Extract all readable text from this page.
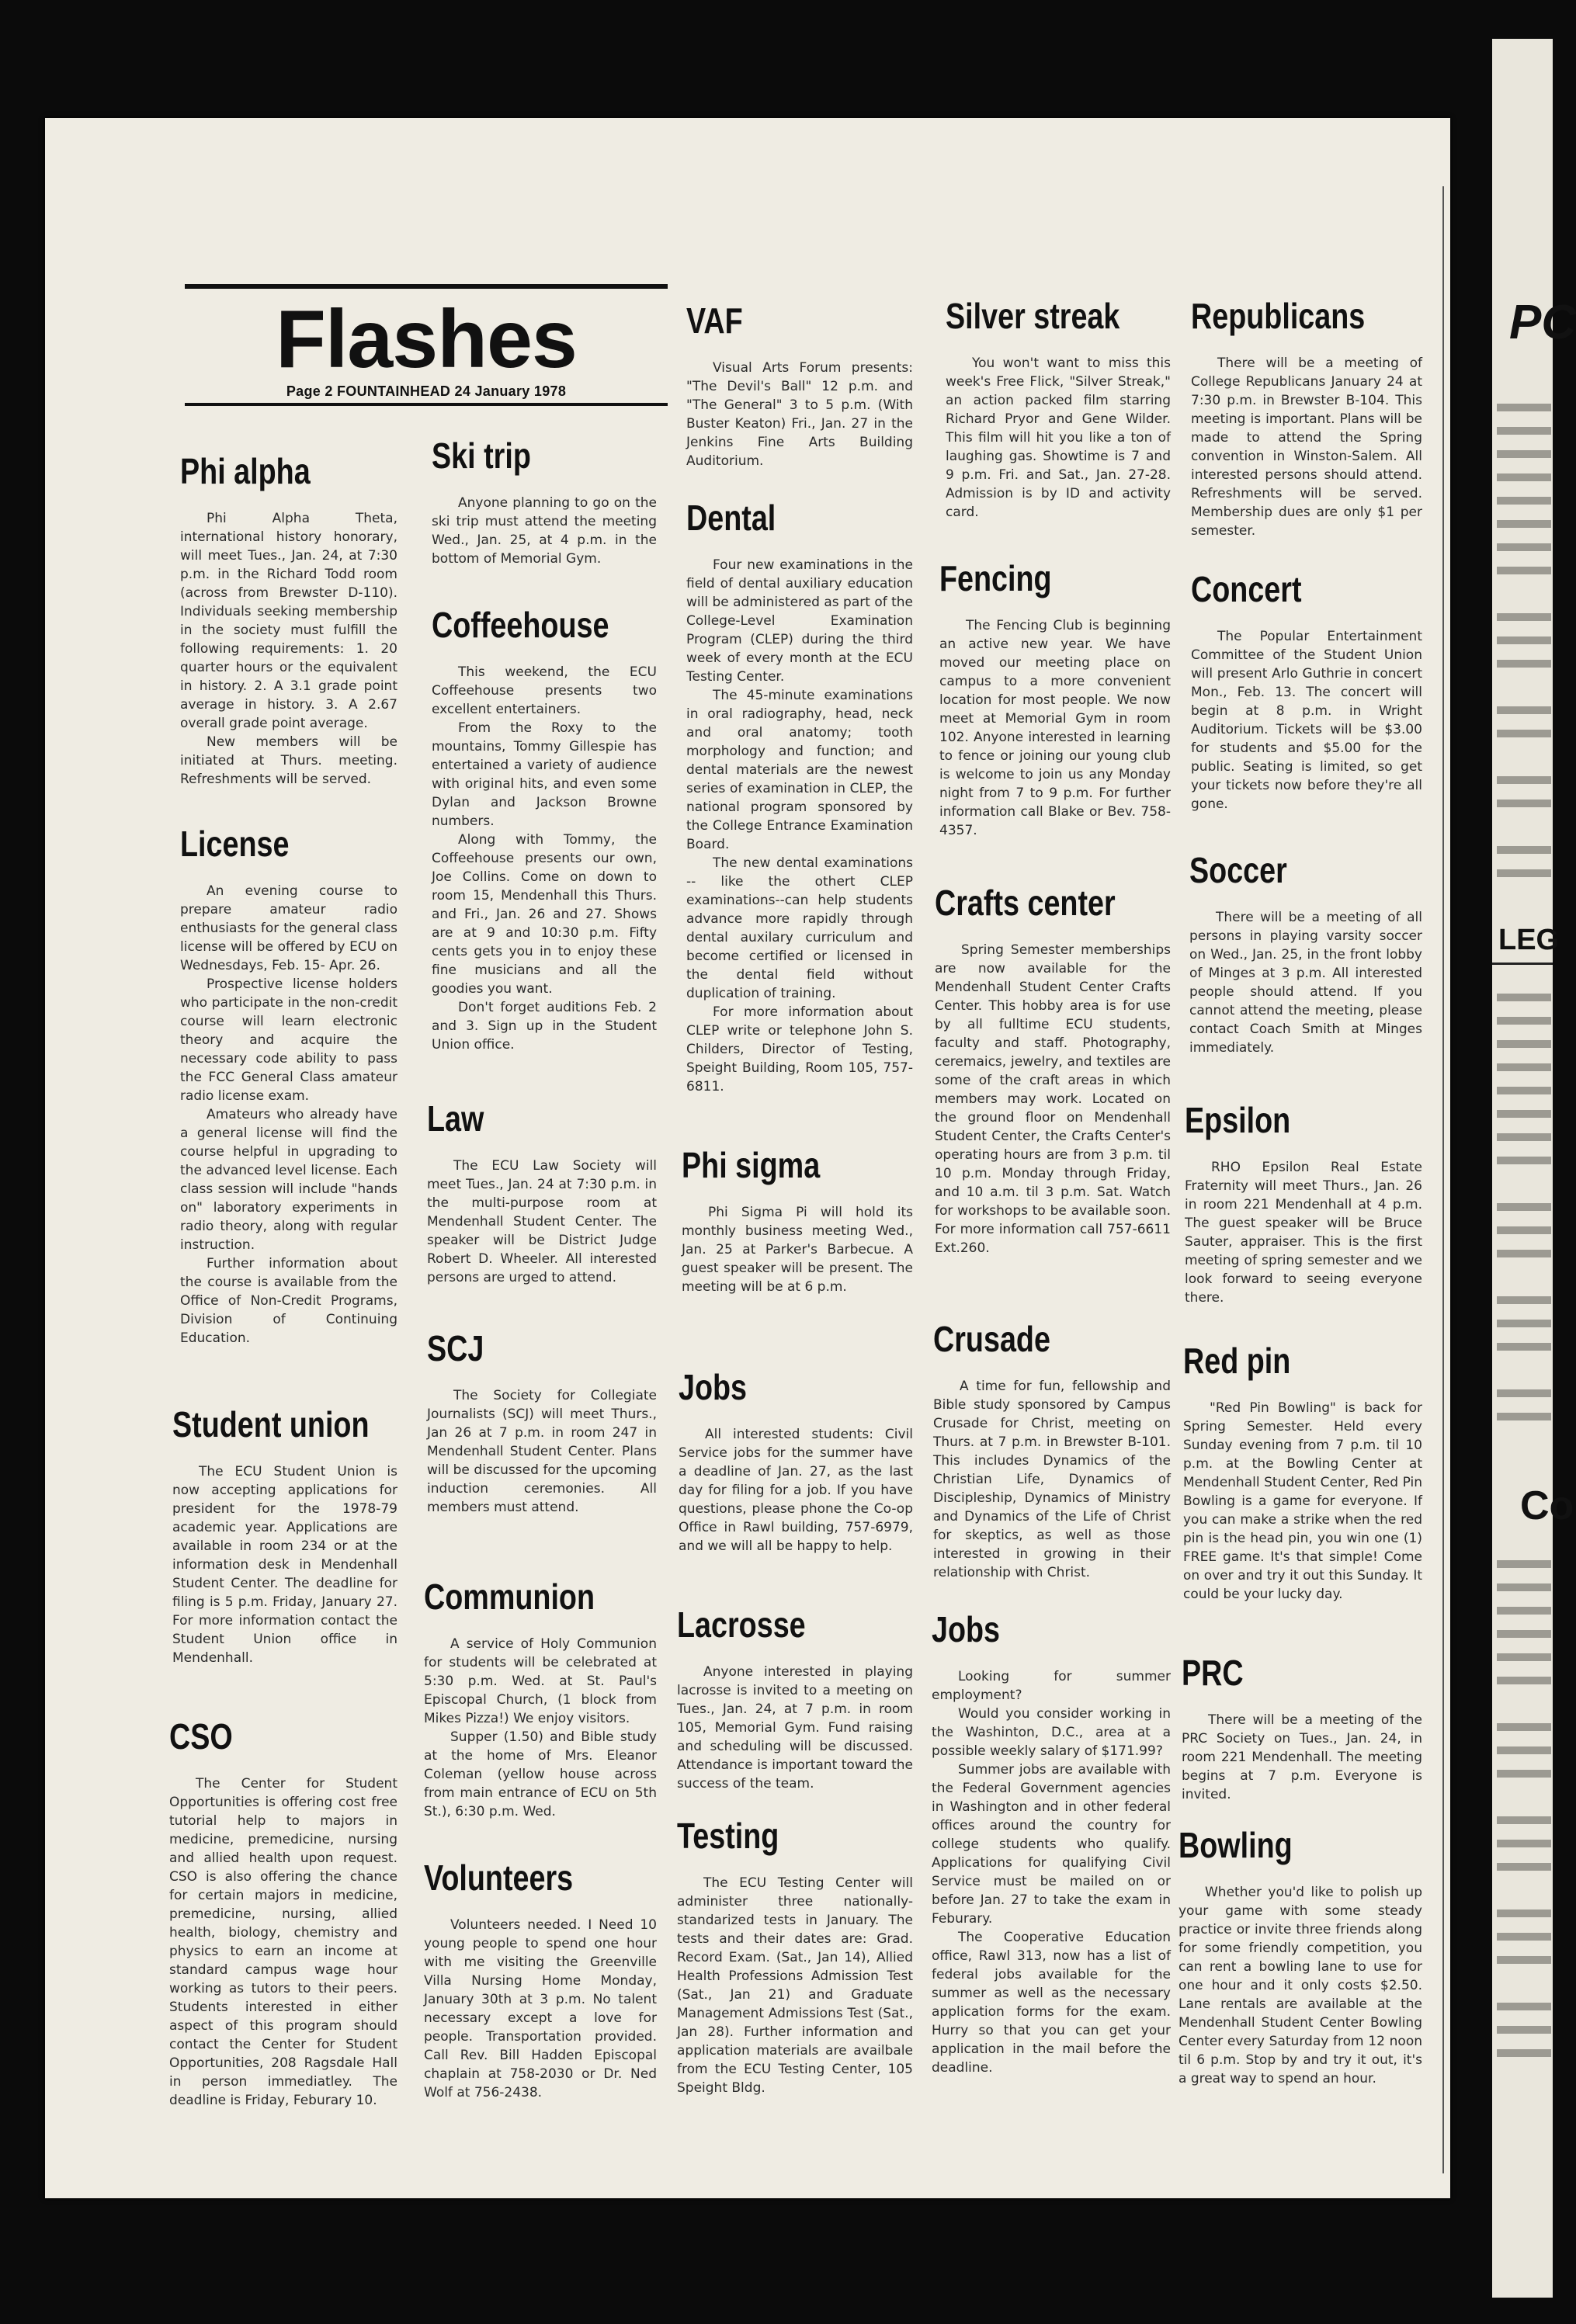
PC
LEG
Co
Flashes
Page 2 FOUNTAINHEAD 24 January 1978
Phi alpha

Phi Alpha Theta, international history honorary, will meet Tues., Jan. 24, at 7:30 p.m. in the Richard Todd room (across from Brewster D-110). Individuals seeking membership in the society must fulfill the following requirements: 1. 20 quarter hours or the equivalent in history. 2. A 3.1 grade point average in history. 3. A 2.67 overall grade point average.

New members will be initiated at Thurs. meeting. Refreshments will be served.

License

An evening course to prepare amateur radio enthusiasts for the general class license will be offered by ECU on Wednesdays, Feb. 15- Apr. 26.

Prospective license holders who participate in the non-credit course will learn electronic theory and acquire the necessary code ability to pass the FCC General Class amateur radio license exam.

Amateurs who already have a general license will find the course helpful in upgrading to the advanced level license. Each class session will include "hands on" laboratory experiments in radio theory, along with regular instruction.

Further information about the course is available from the Office of Non-Credit Programs, Division of Continuing Education.

Student union

The ECU Student Union is now accepting applications for president for the 1978-79 academic year. Applications are available in room 234 or at the information desk in Mendenhall Student Center. The deadline for filing is 5 p.m. Friday, January 27. For more information contact the Student Union office in Mendenhall.

CSO

The Center for Student Opportunities is offering cost free tutorial help to majors in medicine, premedicine, nursing and allied health upon request. CSO is also offering the chance for certain majors in medicine, premedicine, nursing, allied health, biology, chemistry and physics to earn an income at standard campus wage hour working as tutors to their peers. Students interested in either aspect of this program should contact the Center for Student Opportunities, 208 Ragsdale Hall in person immediatley. The deadline is Friday, Feburary 10.

Ski trip

Anyone planning to go on the ski trip must attend the meeting Wed., Jan. 25, at 4 p.m. in the bottom of Memorial Gym.

Coffeehouse

This weekend, the ECU Coffeehouse presents two excellent entertainers.

From the Roxy to the mountains, Tommy Gillespie has entertained a variety of audience with original hits, and even some Dylan and Jackson Browne numbers.

Along with Tommy, the Coffeehouse presents our own, Joe Collins. Come on down to room 15, Mendenhall this Thurs. and Fri., Jan. 26 and 27. Shows are at 9 and 10:30 p.m. Fifty cents gets you in to enjoy these fine musicians and all the goodies you want.

Don't forget auditions Feb. 2 and 3. Sign up in the Student Union office.

Law

The ECU Law Society will meet Tues., Jan. 24 at 7:30 p.m. in the multi-purpose room at Mendenhall Student Center. The speaker will be District Judge Robert D. Wheeler. All interested persons are urged to attend.

SCJ

The Society for Collegiate Journalists (SCJ) will meet Thurs., Jan 26 at 7 p.m. in room 247 in Mendenhall Student Center. Plans will be discussed for the upcoming induction ceremonies. All members must attend.

Communion

A service of Holy Communion for students will be celebrated at 5:30 p.m. Wed. at St. Paul's Episcopal Church, (1 block from Mikes Pizza!) We enjoy visitors.

Supper (1.50) and Bible study at the home of Mrs. Eleanor Coleman (yellow house across from main entrance of ECU on 5th St.), 6:30 p.m. Wed.

Volunteers

Volunteers needed. I Need 10 young people to spend one hour with me visiting the Greenville Villa Nursing Home Monday, January 30th at 3 p.m. No talent necessary except a love for people. Transportation provided. Call Rev. Bill Hadden Episcopal chaplain at 758-2030 or Dr. Ned Wolf at 756-2438.

VAF

Visual Arts Forum presents: "The Devil's Ball" 12 p.m. and "The General" 3 to 5 p.m. (With Buster Keaton) Fri., Jan. 27 in the Jenkins Fine Arts Building Auditorium.

Dental

Four new examinations in the field of dental auxiliary education will be administered as part of the College-Level Examination Program (CLEP) during the third week of every month at the ECU Testing Center.

The 45-minute examinations in oral radiography, head, neck and oral anatomy; tooth morphology and function; and dental materials are the newest series of examination in CLEP, the national program sponsored by the College Entrance Examination Board.

The new dental examinations -- like the othert CLEP examinations--can help students advance more rapidly through dental auxilary curriculum and become certified or licensed in the dental field without duplication of training.

For more information about CLEP write or telephone John S. Childers, Director of Testing, Speight Building, Room 105, 757-6811.

Phi sigma

Phi Sigma Pi will hold its monthly business meeting Wed., Jan. 25 at Parker's Barbecue. A guest speaker will be present. The meeting will be at 6 p.m.

Jobs

All interested students: Civil Service jobs for the summer have a deadline of Jan. 27, as the last day for filing for a job. If you have questions, please phone the Co-op Office in Rawl building, 757-6979, and we will all be happy to help.

Lacrosse

Anyone interested in playing lacrosse is invited to a meeting on Tues., Jan. 24, at 7 p.m. in room 105, Memorial Gym. Fund raising and scheduling will be discussed. Attendance is important toward the success of the team.

Testing

The ECU Testing Center will administer three nationally-standarized tests in January. The tests and their dates are: Grad. Record Exam. (Sat., Jan 14), Allied Health Professions Admission Test (Sat., Jan 21) and Graduate Management Admissions Test (Sat., Jan 28). Further information and application materials are availbale from the ECU Testing Center, 105 Speight Bldg.

Silver streak

You won't want to miss this week's Free Flick, "Silver Streak," an action packed film starring Richard Pryor and Gene Wilder. This film will hit you like a ton of laughing gas. Showtime is 7 and 9 p.m. Fri. and Sat., Jan. 27-28. Admission is by ID and activity card.

Fencing

The Fencing Club is beginning an active new year. We have moved our meeting place on campus to a more convenient location for most people. We now meet at Memorial Gym in room 102. Anyone interested in learning to fence or joining our young club is welcome to join us any Monday night from 7 to 9 p.m. For further information call Blake or Bev. 758-4357.

Crafts center

Spring Semester memberships are now available for the Mendenhall Student Center Crafts Center. This hobby area is for use by all fulltime ECU students, faculty and staff. Photography, ceremaics, jewelry, and textiles are some of the craft areas in which members may work. Located on the ground floor on Mendenhall Student Center, the Crafts Center's operating hours are from 3 p.m. til 10 p.m. Monday through Friday, and 10 a.m. til 3 p.m. Sat. Watch for workshops to be available soon. For more information call 757-6611 Ext.260.

Crusade

A time for fun, fellowship and Bible study sponsored by Campus Crusade for Christ, meeting on Thurs. at 7 p.m. in Brewster B-101. This includes Dynamics of the Christian Life, Dynamics of Discipleship, Dynamics of Ministry and Dynamics of the Life of Christ for skeptics, as well as those interested in growing in their relationship with Christ.

Jobs

Looking for summer employment?

Would you consider working in the Washinton, D.C., area at a possible weekly salary of $171.99?

Summer jobs are available with the Federal Government agencies in Washington and in other federal offices around the country for college students who qualify. Applications for qualifying Civil Service must be mailed on or before Jan. 27 to take the exam in Feburary.

The Cooperative Education office, Rawl 313, now has a list of federal jobs available for the summer as well as the necessary application forms for the exam. Hurry so that you can get your application in the mail before the deadline.

Republicans

There will be a meeting of College Republicans January 24 at 7:30 p.m. in Brewster B-104. This meeting is important. Plans will be made to attend the Spring convention in Winston-Salem. All interested persons should attend. Refreshments will be served. Membership dues are only $1 per semester.

Concert

The Popular Entertainment Committee of the Student Union will present Arlo Guthrie in concert Mon., Feb. 13. The concert will begin at 8 p.m. in Wright Auditorium. Tickets will be $3.00 for students and $5.00 for the public. Seating is limited, so get your tickets now before they're all gone.

Soccer

There will be a meeting of all persons in playing varsity soccer on Wed., Jan. 25, in the front lobby of Minges at 3 p.m. All interested people should attend. If you cannot attend the meeting, please contact Coach Smith at Minges immediately.

Epsilon

RHO Epsilon Real Estate Fraternity will meet Thurs., Jan. 26 in room 221 Mendenhall at 4 p.m. The guest speaker will be Bruce Sauter, appraiser. This is the first meeting of spring semester and we look forward to seeing everyone there.

Red pin

"Red Pin Bowling" is back for Spring Semester. Held every Sunday evening from 7 p.m. til 10 p.m. at the Bowling Center at Mendenhall Student Center, Red Pin Bowling is a game for everyone. If you can make a strike when the red pin is the head pin, you win one (1) FREE game. It's that simple! Come on over and try it out this Sunday. It could be your lucky day.

PRC

There will be a meeting of the PRC Society on Tues., Jan. 24, in room 221 Mendenhall. The meeting begins at 7 p.m. Everyone is invited.

Bowling

Whether you'd like to polish up your game with some steady practice or invite three friends along for some friendly competition, you can rent a bowling lane to use for one hour and it only costs $2.50. Lane rentals are available at the Mendenhall Student Center Bowling Center every Saturday from 12 noon til 6 p.m. Stop by and try it out, it's a great way to spend an hour.
